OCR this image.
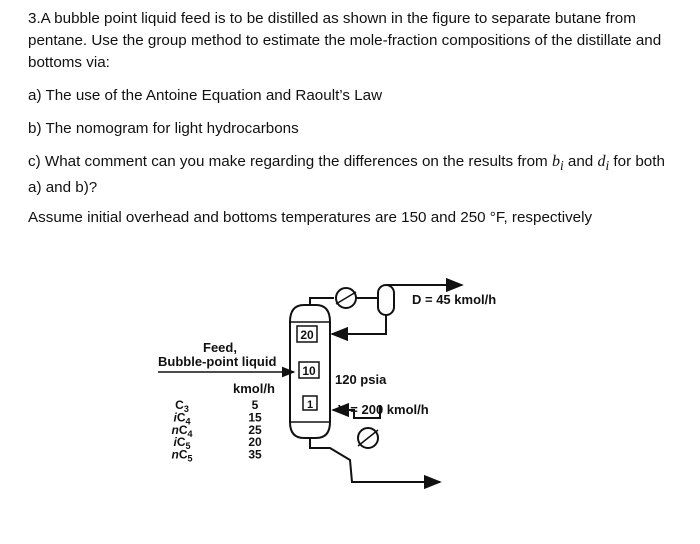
3.A bubble point liquid feed is to be distilled as shown in the figure to separate butane from pentane. Use the group method to estimate the mole-fraction compositions of the distillate and bottoms via:

a) The use of the Antoine Equation and Raoult’s Law

b) The nomogram for light hydrocarbons

c) What comment can you make regarding the differences on the results from $b_i$ and $d_i$ for both a) and b)?

Assume initial overhead and bottoms temperatures are 150 and 250 °F, respectively

20
10
1
D = 45 kmol/h
120 psia
V = 200 kmol/h
Feed,
Bubble-point liquid
kmol/h
$C_3$	5
$iC_4$	15
$nC_4$	25
$iC_5$	20
$nC_5$	35
